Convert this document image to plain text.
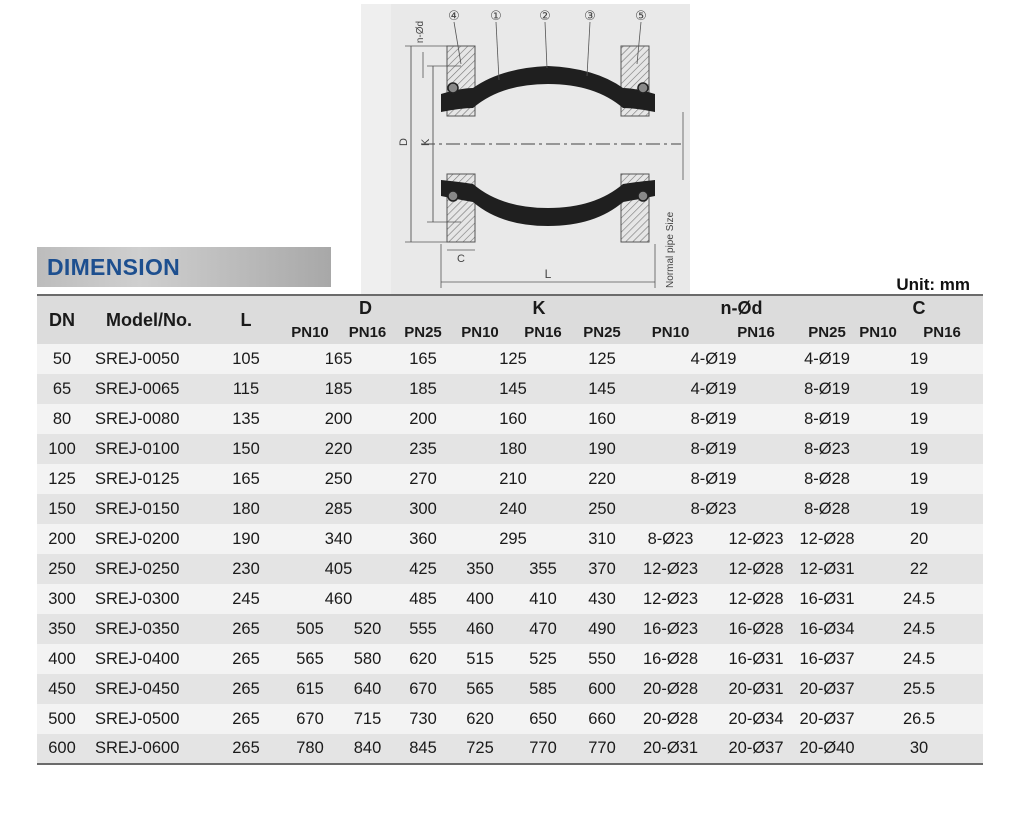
④ ①	②	③	⑤
n-Ød
D K
C
L	Normal pipe Size
DIMENSION
Unit: mm
DN	Model/No.	L	D			K			n-Ød			C	
			PN10	PN16	PN25	PN10	PN16	PN25	PN10	PN16	PN25	PN10	PN16
50	SREJ-0050	105	165		165	125		125	4-Ø19		4-Ø19	19	
65	SREJ-0065	115	185		185	145		145	4-Ø19		8-Ø19	19	
80	SREJ-0080	135	200		200	160		160	8-Ø19		8-Ø19	19	
100	SREJ-0100	150	220		235	180		190	8-Ø19		8-Ø23	19	
125	SREJ-0125	165	250		270	210		220	8-Ø19		8-Ø28	19	
150	SREJ-0150	180	285		300	240		250	8-Ø23		8-Ø28	19	
200	SREJ-0200	190	340		360	295		310	8-Ø23	12-Ø23	12-Ø28	20	
250	SREJ-0250	230	405		425	350	355	370	12-Ø23	12-Ø28	12-Ø31	22	
300	SREJ-0300	245	460		485	400	410	430	12-Ø23	12-Ø28	16-Ø31	24.5	
350	SREJ-0350	265	505	520	555	460	470	490	16-Ø23	16-Ø28	16-Ø34	24.5	
400	SREJ-0400	265	565	580	620	515	525	550	16-Ø28	16-Ø31	16-Ø37	24.5	
450	SREJ-0450	265	615	640	670	565	585	600	20-Ø28	20-Ø31	20-Ø37	25.5	
500	SREJ-0500	265	670	715	730	620	650	660	20-Ø28	20-Ø34	20-Ø37	26.5	
600	SREJ-0600	265	780	840	845	725	770	770	20-Ø31	20-Ø37	20-Ø40	30	
